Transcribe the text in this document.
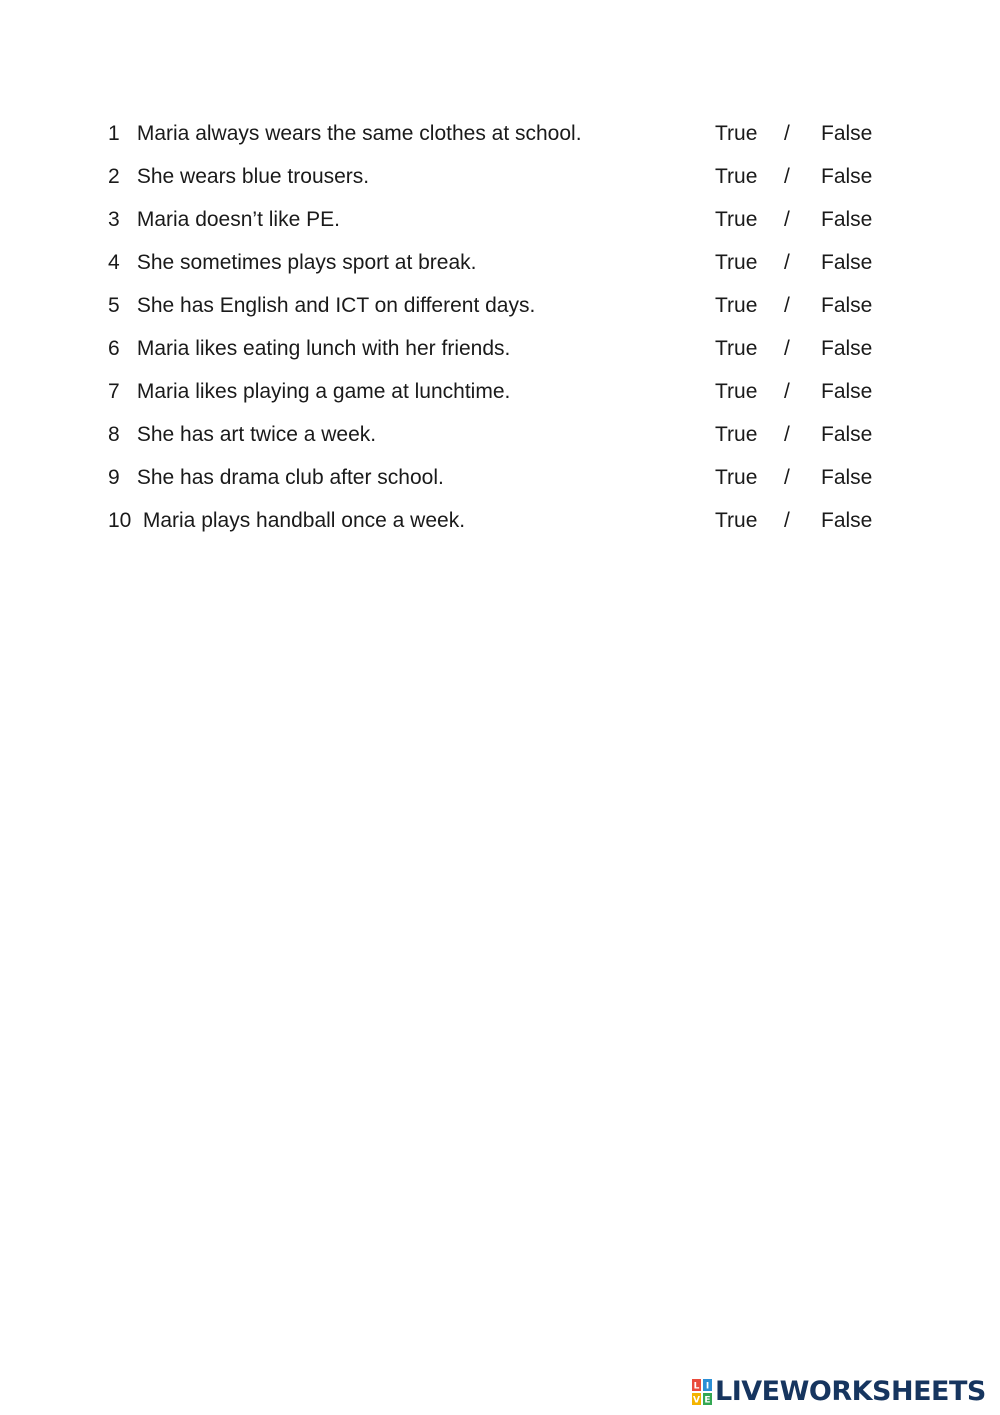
1 Maria always wears the same clothes at school.	True / False
2 She wears blue trousers.	True / False
3 Maria doesn’t like PE.	True / False
4 She sometimes plays sport at break.	True / False
5 She has English and ICT on different days.	True / False
6 Maria likes eating lunch with her friends.	True / False
7 Maria likes playing a game at lunchtime.	True / False
8 She has art twice a week.	True / False
9 She has drama club after school.	True / False
10 Maria plays handball once a week.	True / False
L I
V E LIVEWORKSHEETS
